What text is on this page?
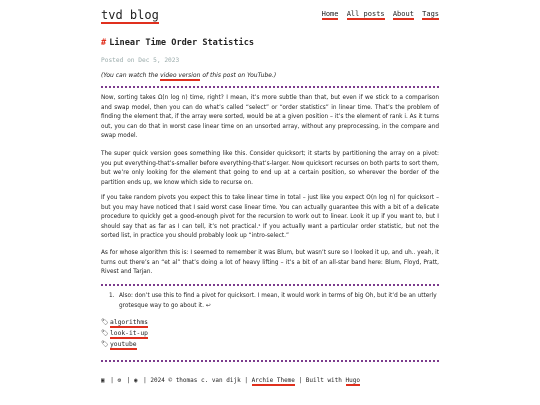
tvd blog	Home All posts About Tags
# Linear Time Order Statistics
Posted on Dec 5, 2023
(You can watch the video version of this post on YouTube.)

Now, sorting takes Ω(n log n) time, right? I mean, it’s more subtle than that, but even if we stick to a comparison and swap model, then you can do what’s called “select” or “order statistics” in linear time. That’s the problem of finding the element that, if the array were sorted, would be at a given position – it’s the element of rank i. As it turns out, you can do that in worst case linear time on an unsorted array, without any preprocessing, in the compare and swap model.

The super quick version goes something like this. Consider quicksort; it starts by partitioning the array on a pivot: you put everything-that’s-smaller before everything-that’s-larger. Now quicksort recurses on both parts to sort them, but we’re only looking for the element that going to end up at a certain position, so wherever the border of the partition ends up, we know which side to recurse on.

If you take random pivots you expect this to take linear time in total – just like you expect O(n log n) for quicksort – but you may have noticed that I said worst case linear time. You can actually guarantee this with a bit of a delicate procedure to quickly get a good-enough pivot for the recursion to work out to linear. Look it up if you want to, but I should say that as far as I can tell, it’s not practical.¹ If you actually want a particular order statistic, but not the sorted list, in practice you should probably look up “intro-select.”

As for whose algorithm this is: I seemed to remember it was Blum, but wasn’t sure so I looked it up, and uh.. yeah, it turns out there’s an “et al” that’s doing a lot of heavy lifting – it’s a bit of an all-star band here: Blum, Floyd, Pratt, Rivest and Tarjan.

1. Also: don’t use this to find a pivot for quicksort. I mean, it would work in terms of big Oh, but it’d be an utterly grotesque way to go about it. ↩
🏷algorithms
🏷look-it-up
🏷youtube
▣ | ⚙ | ◉ | 2024 © thomas c. van dijk | Archie Theme | Built with Hugo
